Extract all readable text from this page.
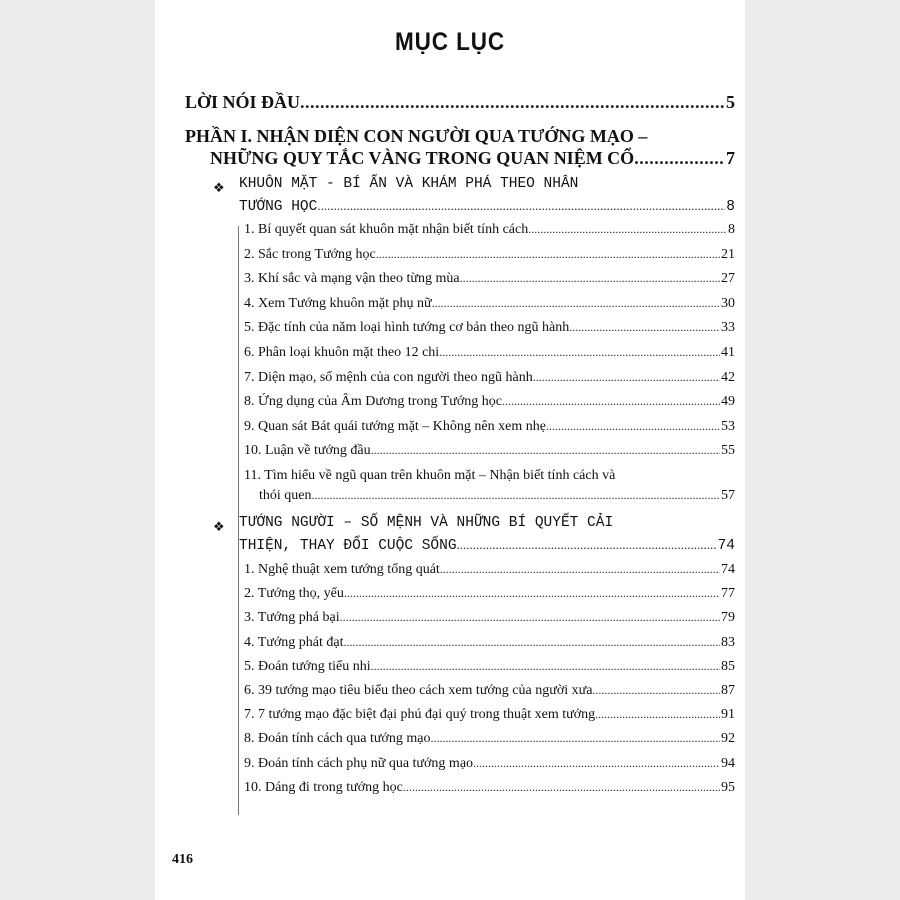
MỤC LỤC
LỜI NÓI ĐẦU .....	5
PHẦN I. NHẬN DIỆN CON NGƯỜI QUA TƯỚNG MẠO –
NHỮNG QUY TẮC VÀNG TRONG QUAN NIỆM CỔ .....	7
❖ KHUÔN MẶT - BÍ ẨN VÀ KHÁM PHÁ THEO NHÂN
TƯỚNG HỌC .....	8
1. Bí quyết quan sát khuôn mặt nhận biết tính cách .....	8
2. Sắc trong Tướng học .....	21
3. Khí sắc và mạng vận theo từng mùa .....	27
4. Xem Tướng khuôn mặt phụ nữ .....	30
5. Đặc tính của năm loại hình tướng cơ bản theo ngũ hành .....	33
6. Phân loại khuôn mặt theo 12 chi .....	41
7. Diện mạo, số mệnh của con người theo ngũ hành .....	42
8. Ứng dụng của Âm Dương trong Tướng học .....	49
9. Quan sát Bát quái tướng mặt – Không nên xem nhẹ .....	53
10. Luận về tướng đầu .....	55
11. Tìm hiểu về ngũ quan trên khuôn mặt – Nhận biết tính cách và
thói quen .....	57
❖ TƯỚNG NGƯỜI – SỐ MỆNH VÀ NHỮNG BÍ QUYẾT CẢI
THIỆN, THAY ĐỔI CUỘC SỐNG .....	74
1. Nghệ thuật xem tướng tổng quát .....	74
2. Tướng thọ, yểu .....	77
3. Tướng phá bại .....	79
4. Tướng phát đạt .....	83
5. Đoán tướng tiểu nhi .....	85
6. 39 tướng mạo tiêu biểu theo cách xem tướng của người xưa .....	87
7. 7 tướng mạo đặc biệt đại phú đại quý trong thuật xem tướng .....	91
8. Đoán tính cách qua tướng mạo .....	92
9. Đoán tính cách phụ nữ qua tướng mạo .....	94
10. Dáng đi trong tướng học .....	95
416
